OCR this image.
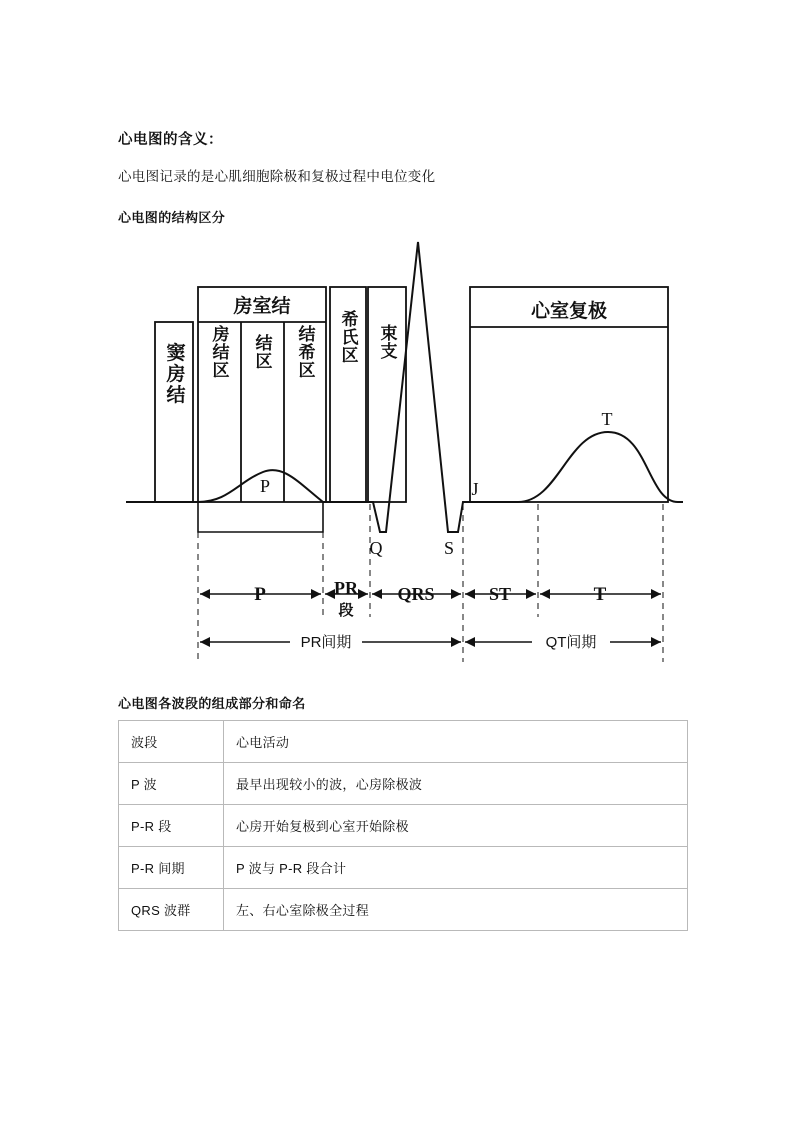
心电图的含义：

心电图记录的是心肌细胞除极和复极过程中电位变化

心电图的结构区分
窦房结
房室结
房结区 结区 结希区 希氏区 束支
心室复极
P
Q	S
J
T
P	PR
段
QRS	ST	T
PR间期	QT间期
心电图各波段的组成部分和命名
波段	心电活动
P 波	最早出现较小的波，心房除极波
P-R 段	心房开始复极到心室开始除极
P-R 间期	P 波与 P-R 段合计
QRS 波群	左、右心室除极全过程
